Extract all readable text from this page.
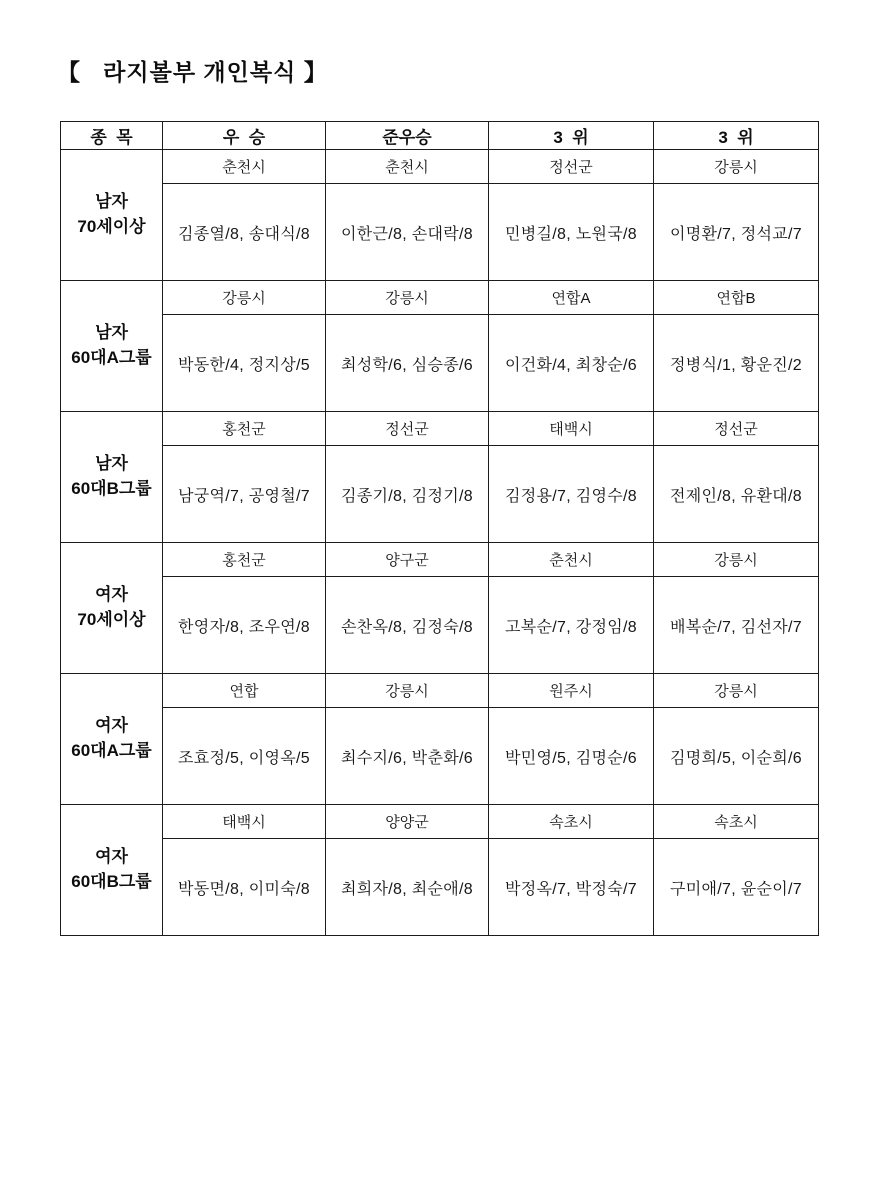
【   라지볼부 개인복식 】
종  목	우  승	준우승	3  위	3  위

남자
70세이상	춘천시	춘천시	정선군	강릉시
	김종열/8, 송대식/8	이한근/8, 손대락/8	민병길/8, 노원국/8	이명환/7, 정석교/7

남자
60대A그룹	강릉시	강릉시	연합A	연합B
	박동한/4, 정지상/5	최성학/6, 심승종/6	이건화/4, 최창순/6	정병식/1, 황운진/2

남자
60대B그룹	홍천군	정선군	태백시	정선군
	남궁역/7, 공영철/7	김종기/8, 김정기/8	김정용/7, 김영수/8	전제인/8, 유환대/8

여자
70세이상	홍천군	양구군	춘천시	강릉시
	한영자/8, 조우연/8	손찬옥/8, 김정숙/8	고복순/7, 강정임/8	배복순/7, 김선자/7

여자
60대A그룹	연합	강릉시	원주시	강릉시
	조효정/5, 이영옥/5	최수지/6, 박춘화/6	박민영/5, 김명순/6	김명희/5, 이순희/6

여자
60대B그룹	태백시	양양군	속초시	속초시
	박동면/8, 이미숙/8	최희자/8, 최순애/8	박정옥/7, 박정숙/7	구미애/7, 윤순이/7
